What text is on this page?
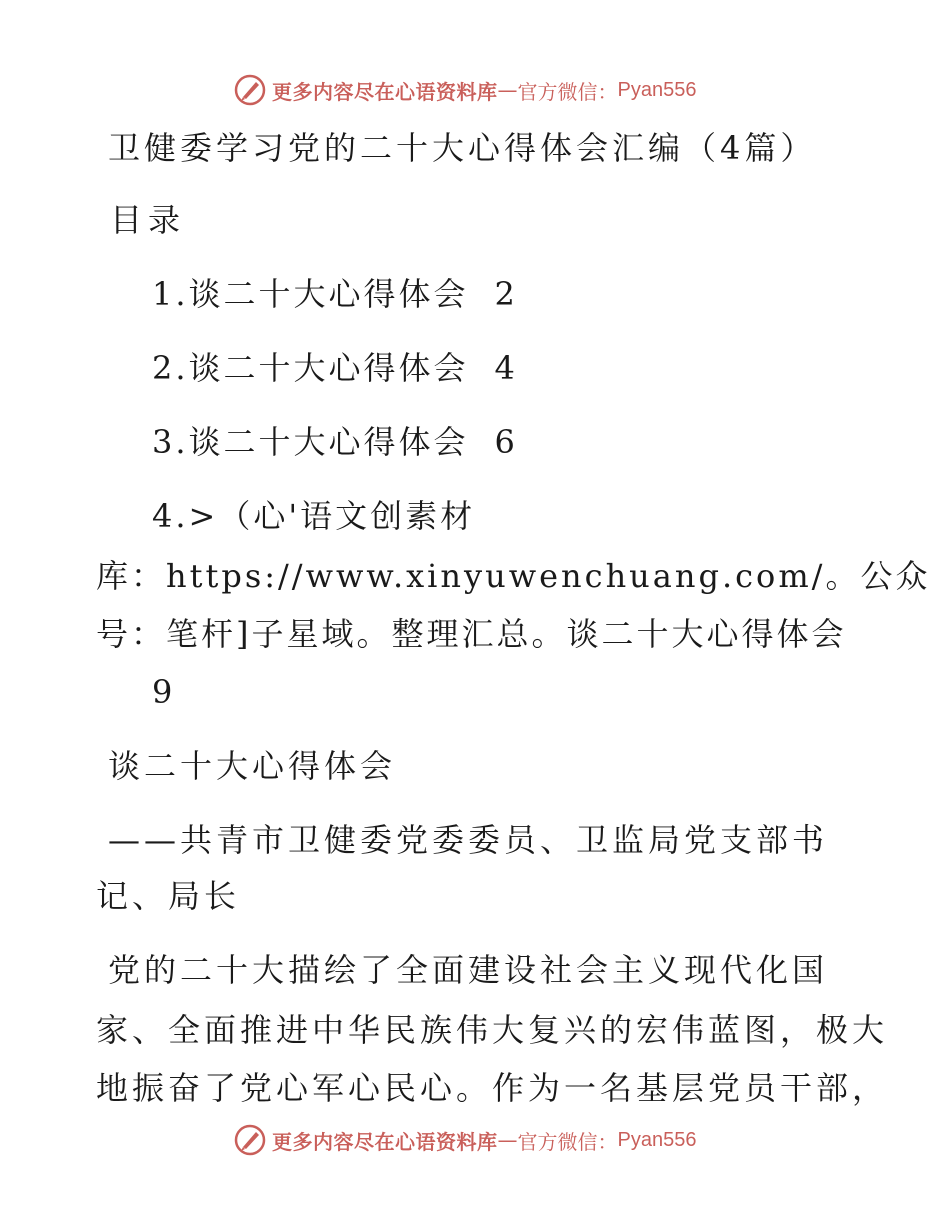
更多内容尽在心语资料库 — 官方微信： Pyan556
卫健委学习党的二十大心得体会汇编（4篇）
目录
1.谈二十大心得体会 2
2.谈二十大心得体会 4
3.谈二十大心得体会 6
4.>（心'语文创素材
库：https://www.xinyuwenchuang.com/。公众
号：笔杆]子星域。整理汇总。谈二十大心得体会
9
谈二十大心得体会
——共青市卫健委党委委员、卫监局党支部书
记、局长
党的二十大描绘了全面建设社会主义现代化国
家、全面推进中华民族伟大复兴的宏伟蓝图，极大
地振奋了党心军心民心。作为一名基层党员干部，
更多内容尽在心语资料库 — 官方微信： Pyan556
